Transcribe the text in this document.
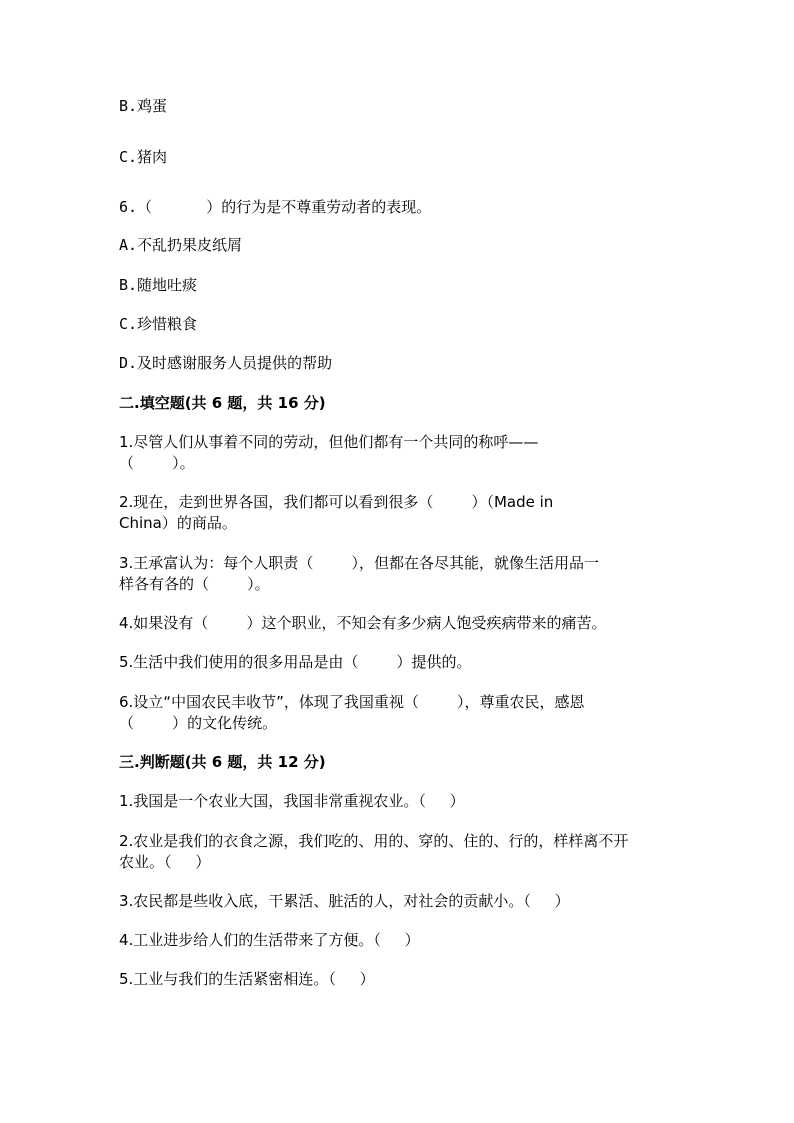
B.鸡蛋
C.猪肉
6.（      ）的行为是不尊重劳动者的表现。
A.不乱扔果皮纸屑
B.随地吐痰
C.珍惜粮食
D.及时感谢服务人员提供的帮助
二.填空题(共 6 题，共 16 分)
1.尽管人们从事着不同的劳动，但他们都有一个共同的称呼——
（        ）。
2.现在，走到世界各国，我们都可以看到很多（        ）（Made in
China）的商品。
3.王承富认为：每个人职责（        ），但都在各尽其能，就像生活用品一
样各有各的（        ）。
4.如果没有（        ）这个职业，不知会有多少病人饱受疾病带来的痛苦。
5.生活中我们使用的很多用品是由（        ）提供的。
6.设立“中国农民丰收节”，体现了我国重视（        ），尊重农民，感恩
（        ）的文化传统。
三.判断题(共 6 题，共 12 分)
1.我国是一个农业大国，我国非常重视农业。（     ）
2.农业是我们的衣食之源，我们吃的、用的、穿的、住的、行的，样样离不开
农业。（     ）
3.农民都是些收入底，干累活、脏活的人，对社会的贡献小。（     ）
4.工业进步给人们的生活带来了方便。（     ）
5.工业与我们的生活紧密相连。（     ）
